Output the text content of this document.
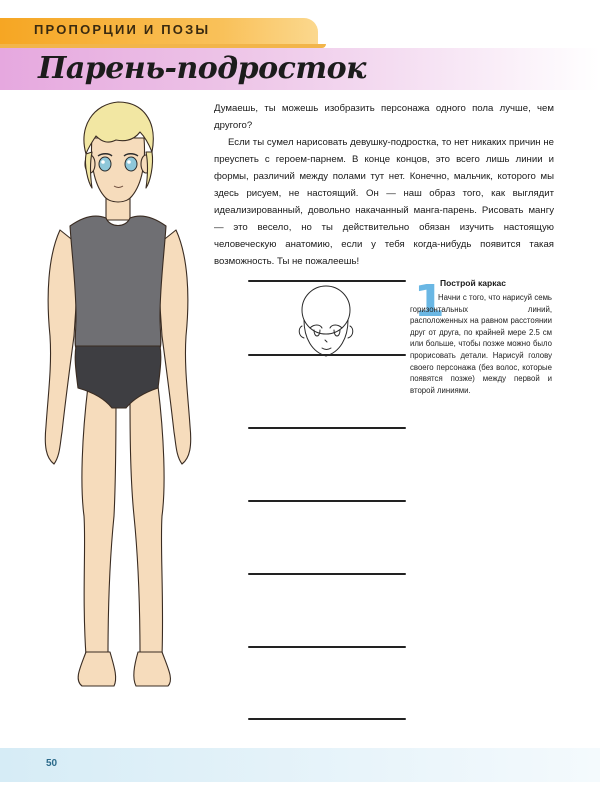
ПРОПОРЦИИ И ПОЗЫ
Парень-подросток

Думаешь, ты можешь изобразить персонажа одного пола лучше, чем другого?

Если ты сумел нарисовать девушку-подростка, то нет никаких причин не преуспеть с героем-парнем. В конце концов, это всего лишь линии и формы, различий между полами тут нет. Конечно, мальчик, которого мы здесь рисуем, не настоящий. Он — наш образ того, как выглядит идеализированный, довольно накачанный манга-парень. Рисовать мангу — это весело, но ты действительно обязан изучить настоящую человеческую анатомию, если у тебя когда-нибудь появится такая возможность. Ты не пожалеешь!

1
Построй каркас
Начни с того, что нарисуй семь горизонтальных линий, расположенных на равном расстоянии друг от друга, по крайней мере 2.5 см или больше, чтобы позже можно было прорисовать детали. Нарисуй голову своего персонажа (без волос, которые появятся позже) между первой и второй линиями.
50
